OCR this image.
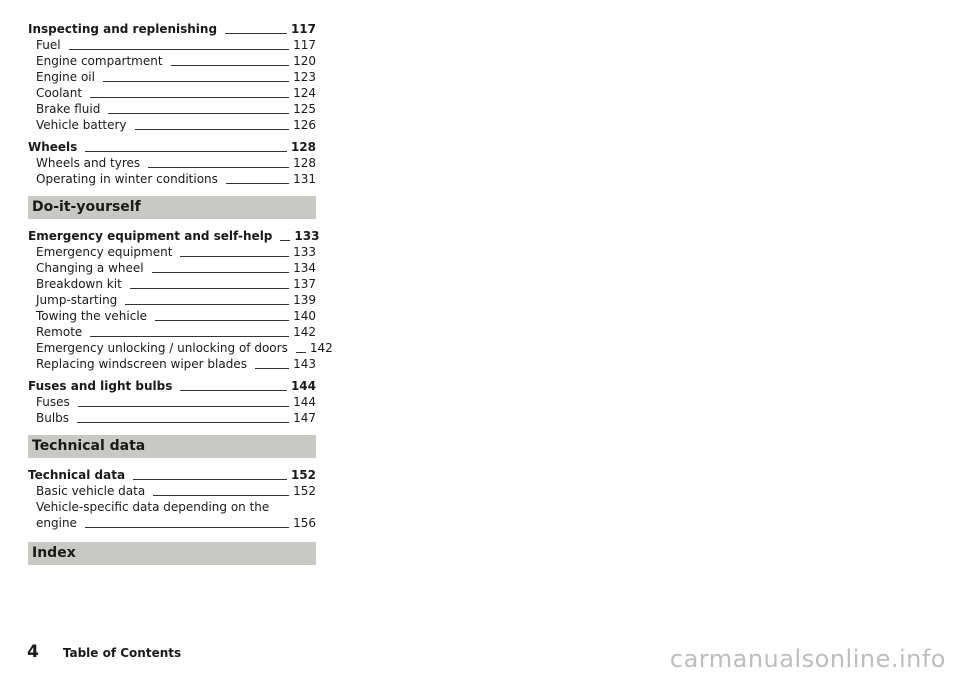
Inspecting and replenishing	117
Fuel	117
Engine compartment	120
Engine oil	123
Coolant	124
Brake fluid	125
Vehicle battery	126
Wheels	128
Wheels and tyres	128
Operating in winter conditions	131
Do-it-yourself
Emergency equipment and self-help 133
Emergency equipment	133
Changing a wheel	134
Breakdown kit	137
Jump-starting	139
Towing the vehicle	140
Remote	142
Emergency unlocking / unlocking of doors 142
Replacing windscreen wiper blades	143
Fuses and light bulbs	144
Fuses	144
Bulbs	147
Technical data
Technical data	152
Basic vehicle data	152
Vehicle-specific data depending on the
engine	156
Index
4 Table of Contents	carmanualsonline.info
